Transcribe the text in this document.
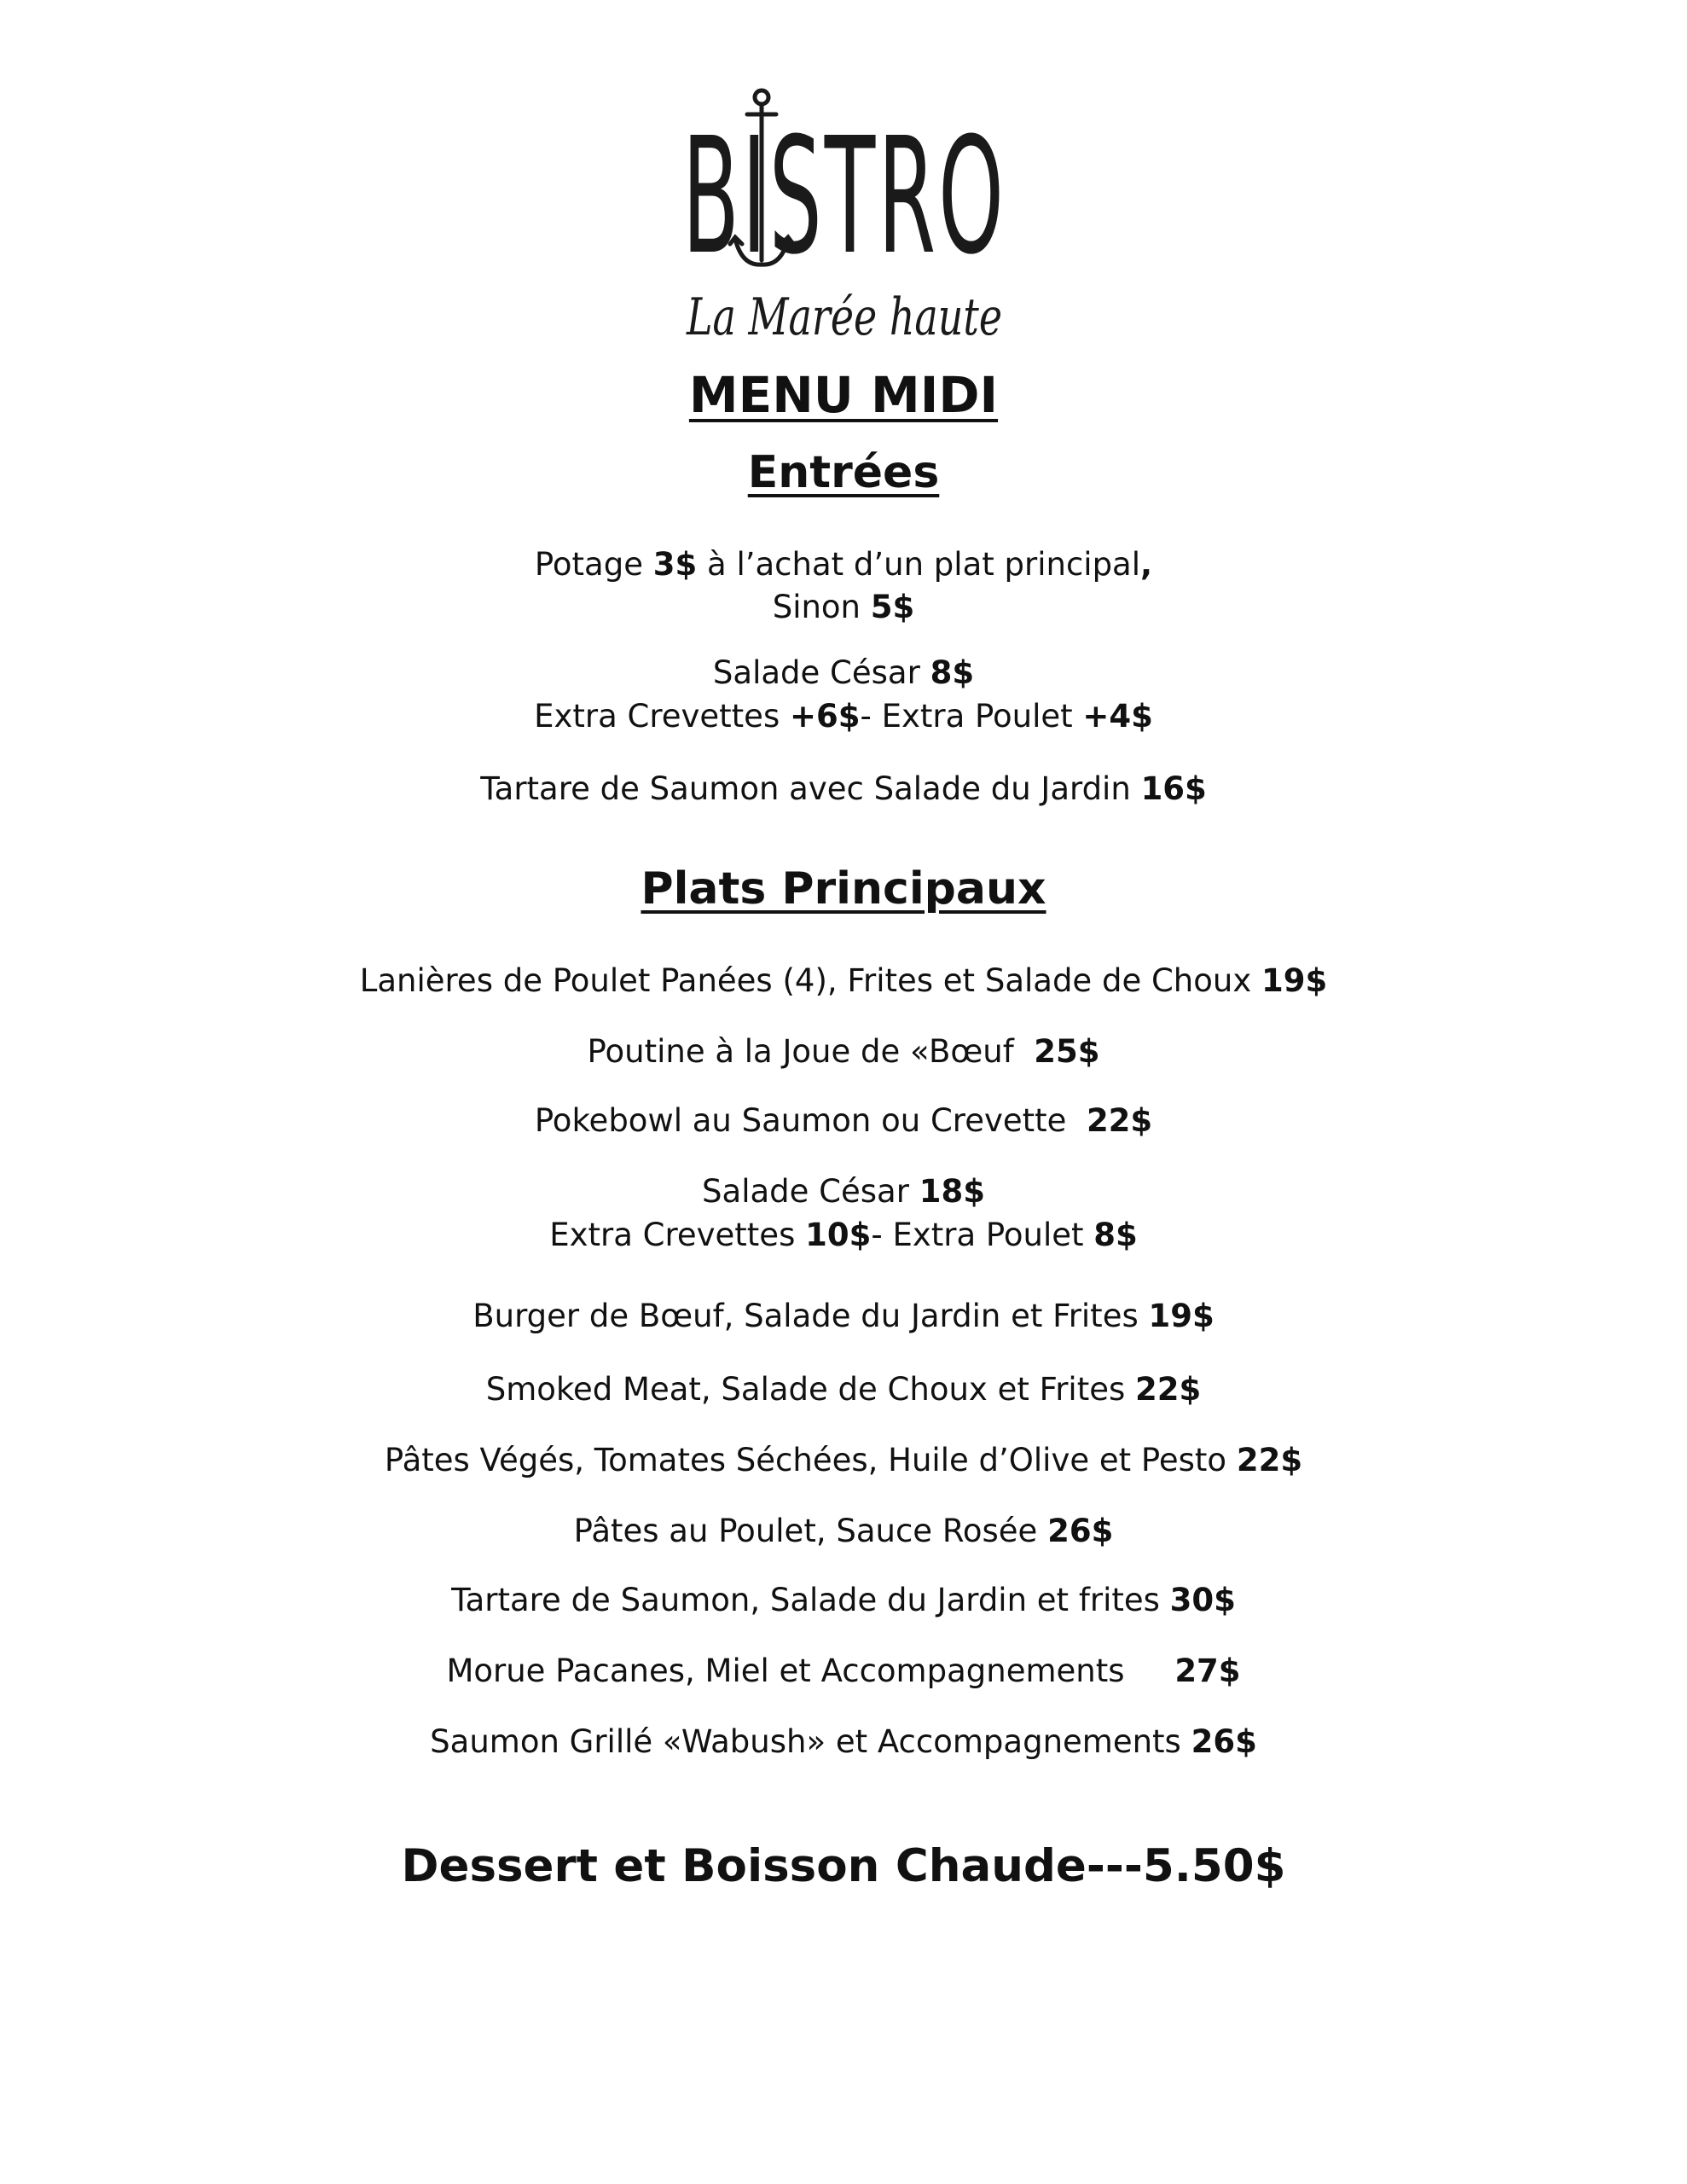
BISTRO
La Marée haute
MENU MIDI
Entrées
Potage 3$ à l’achat d’un plat principal,
Sinon 5$
Salade César 8$
Extra Crevettes +6$- Extra Poulet +4$
Tartare de Saumon avec Salade du Jardin 16$
Plats Principaux
Lanières de Poulet Panées (4), Frites et Salade de Choux 19$
Poutine à la Joue de «Bœuf  25$
Pokebowl au Saumon ou Crevette  22$
Salade César 18$
Extra Crevettes 10$- Extra Poulet 8$
Burger de Bœuf, Salade du Jardin et Frites 19$
Smoked Meat, Salade de Choux et Frites 22$
Pâtes Végés, Tomates Séchées, Huile d’Olive et Pesto 22$
Pâtes au Poulet, Sauce Rosée 26$
Tartare de Saumon, Salade du Jardin et frites 30$
Morue Pacanes, Miel et Accompagnements     27$
Saumon Grillé «Wabush» et Accompagnements 26$
Dessert et Boisson Chaude---5.50$
